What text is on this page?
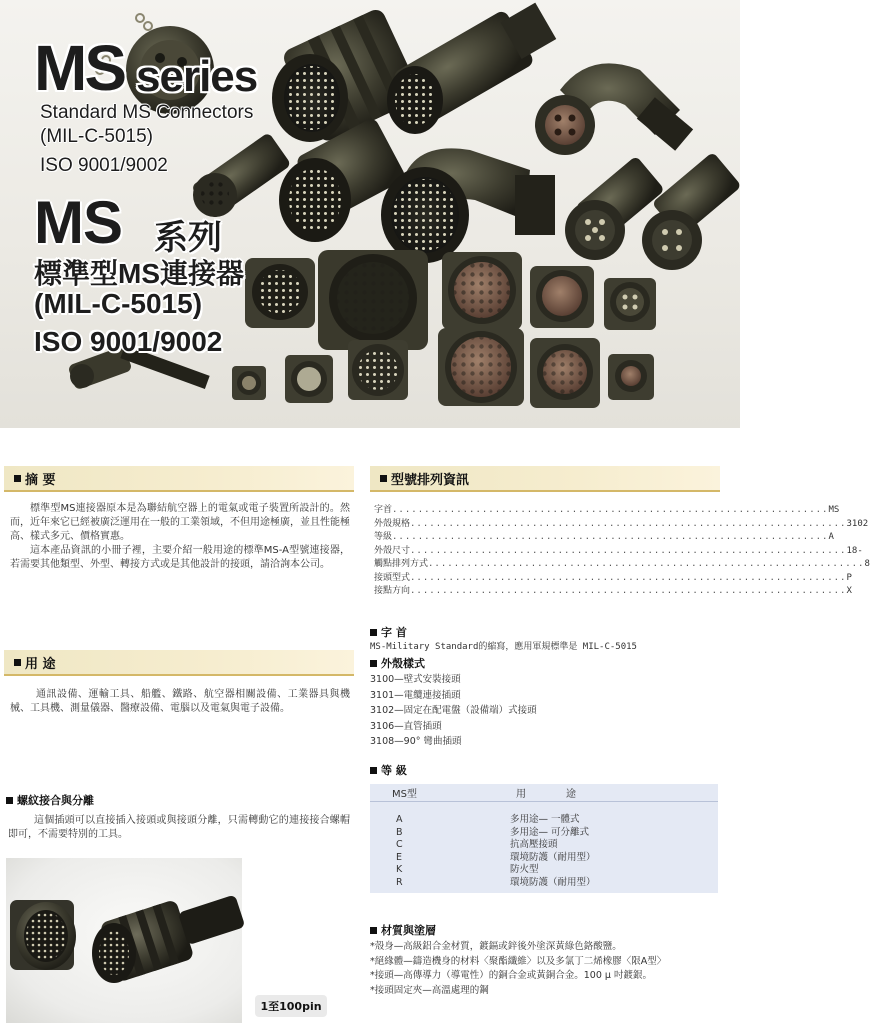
MS series
Standard MS Connectors
(MIL-C-5015)
ISO 9001/9002
MS 系列
標準型MS連接器
(MIL-C-5015)
ISO 9001/9002
摘 要
標準型MS連接器原本是為聯結航空器上的電氣或電子裝置所設計的。然而，近年來它已經被廣泛運用在一般的工業領域，不但用途極廣，並且性能極高、樣式多元、價格實惠。
這本產品資訊的小冊子裡，主要介紹一般用途的標準MS-A型號連接器，若需要其他類型、外型、轉接方式或是其他設計的接頭，請洽詢本公司。
用 途
通訊設備、運輸工具、船艦、鐵路、航空器相關設備、工業器具與機械、工具機、測量儀器、醫療設備、電腦以及電氣與電子設備。
螺紋接合與分離
這個插頭可以直接插入接頭或與接頭分離，只需轉動它的連接接合螺帽即可，不需要特別的工具。
1至100pin
型號排列資訊
字首 .................................................................... MS
外殼規格 .................................................................... 3102
等級 .................................................................... A
外殼尺寸 .................................................................... 18-
觸點排列方式 .................................................................... 8
接頭型式 .................................................................... P
接點方向 .................................................................... X
字 首
MS-Military Standard的縮寫，應用軍規標準是 MIL-C-5015
外殼樣式
3100—壁式安裝接頭
3101—電纜連接插頭
3102—固定在配電盤（設備端）式接頭
3106—直管插頭
3108—90° 彎曲插頭
等 級
MS型	用　　　　途
A	多用途— 一體式
B	多用途— 可分離式
C	抗高壓接頭
E	環境防護（耐用型）
K	防火型
R	環境防護（耐用型）
材質與塗層
*殼身—高級鋁合金材質，鍍鎘或鋅後外塗深黃綠色鉻酸鹽。
*絕緣體—鑄造機身的材料〈聚酯纖維〉以及多氯丁二烯橡膠〈限A型〉
*接頭—高傳導力（導電性）的銅合金或黃銅合金。100 μ 吋鍍銀。
*接頭固定夾—高溫處理的鋼
